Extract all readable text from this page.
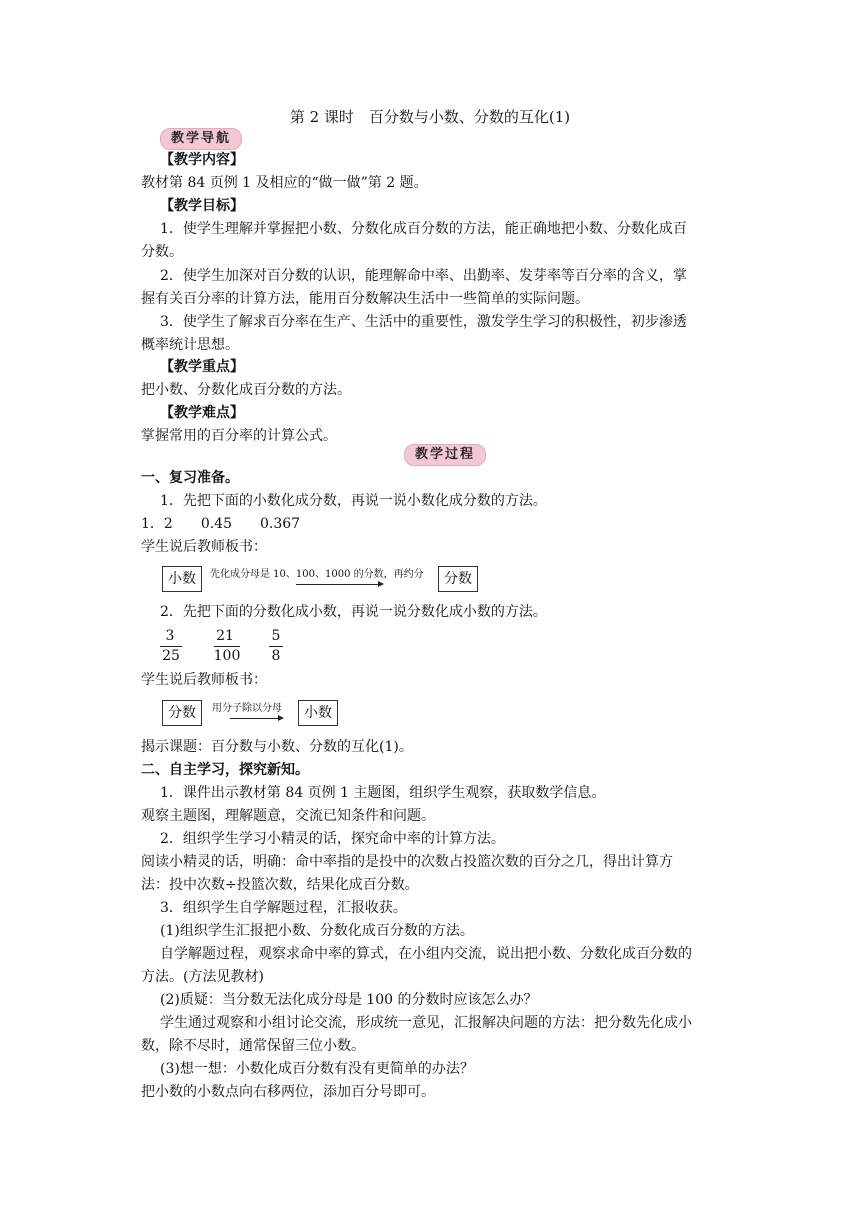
第 2 课时　百分数与小数、分数的互化(1)
教学导航
【教学内容】
教材第 84 页例 1 及相应的“做一做”第 2 题。
【教学目标】
1．使学生理解并掌握把小数、分数化成百分数的方法，能正确地把小数、分数化成百
分数。
2．使学生加深对百分数的认识，能理解命中率、出勤率、发芽率等百分率的含义，掌
握有关百分率的计算方法，能用百分数解决生活中一些简单的实际问题。
3．使学生了解求百分率在生产、生活中的重要性，激发学生学习的积极性，初步渗透
概率统计思想。
【教学重点】
把小数、分数化成百分数的方法。
【教学难点】
掌握常用的百分率的计算公式。
教学过程
一、复习准备。
1．先把下面的小数化成分数，再说一说小数化成分数的方法。
1．2　　0.45　　0.367
学生说后教师板书：
小数	先化成分母是 10、100、1000 的分数，再约分	分数
2．先把下面的分数化成小数，再说一说分数化成小数的方法。
3
25
21
100
5
8
学生说后教师板书：
分数	用分子除以分母	小数
揭示课题：百分数与小数、分数的互化(1)。
二、自主学习，探究新知。
1．课件出示教材第 84 页例 1 主题图，组织学生观察，获取数学信息。
观察主题图，理解题意，交流已知条件和问题。
2．组织学生学习小精灵的话，探究命中率的计算方法。
阅读小精灵的话，明确：命中率指的是投中的次数占投篮次数的百分之几，得出计算方
法：投中次数÷投篮次数，结果化成百分数。
3．组织学生自学解题过程，汇报收获。
(1)组织学生汇报把小数、分数化成百分数的方法。
自学解题过程，观察求命中率的算式，在小组内交流，说出把小数、分数化成百分数的
方法。(方法见教材)
(2)质疑：当分数无法化成分母是 100 的分数时应该怎么办？
学生通过观察和小组讨论交流，形成统一意见，汇报解决问题的方法：把分数先化成小
数，除不尽时，通常保留三位小数。
(3)想一想：小数化成百分数有没有更简单的办法？
把小数的小数点向右移两位，添加百分号即可。
